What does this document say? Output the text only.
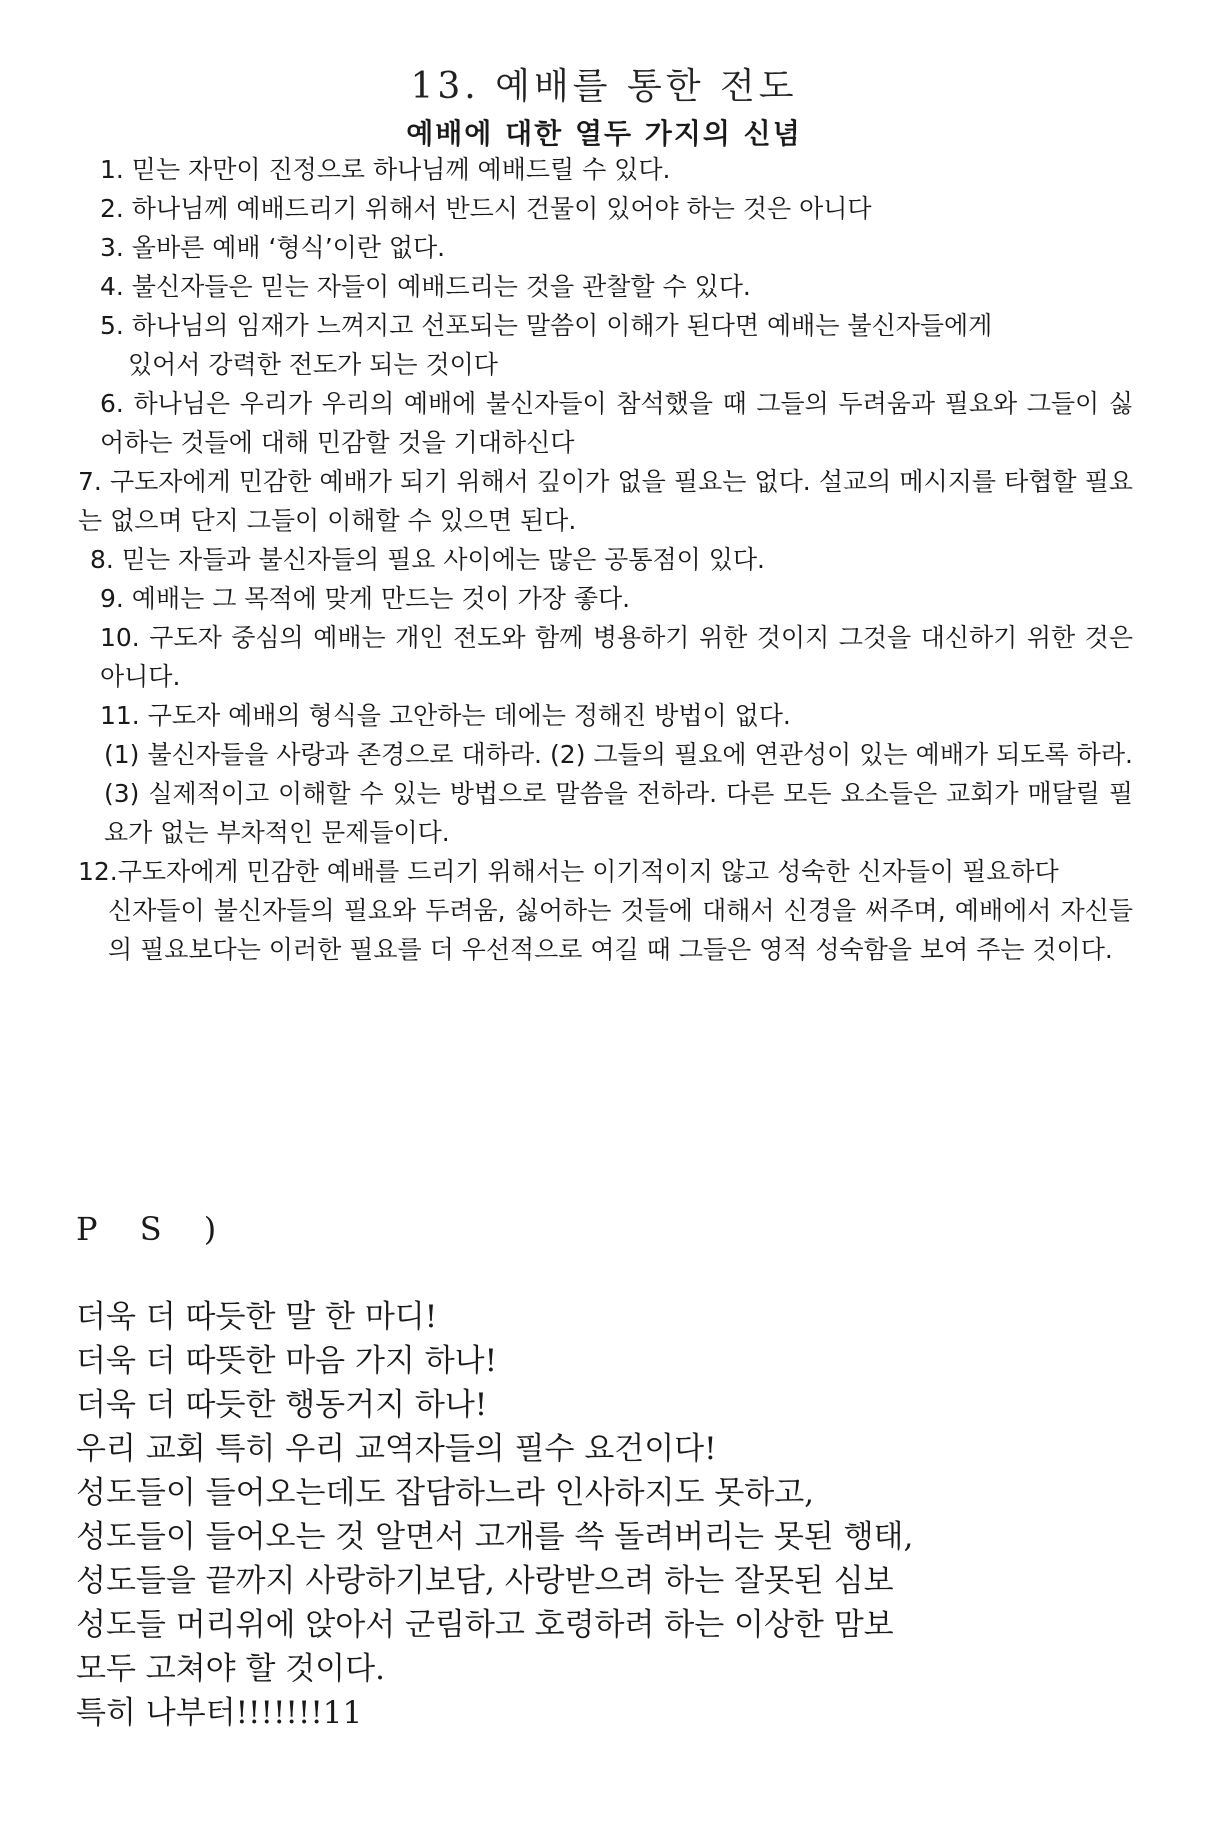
13. 예배를 통한 전도
예배에 대한 열두 가지의 신념

1. 믿는 자만이 진정으로 하나님께 예배드릴 수 있다.

2. 하나님께 예배드리기 위해서 반드시 건물이 있어야 하는 것은 아니다

3. 올바른 예배 ‘형식’이란 없다.

4. 불신자들은 믿는 자들이 예배드리는 것을 관찰할 수 있다.

5. 하나님의 임재가 느껴지고 선포되는 말씀이 이해가 된다면 예배는 불신자들에게

있어서 강력한 전도가 되는 것이다

6. 하나님은 우리가 우리의 예배에 불신자들이 참석했을 때 그들의 두려움과 필요와 그들이 싫어하는 것들에 대해 민감할 것을 기대하신다

7. 구도자에게 민감한 예배가 되기 위해서 깊이가 없을 필요는 없다. 설교의 메시지를 타협할 필요는 없으며 단지 그들이 이해할 수 있으면 된다.

8. 믿는 자들과 불신자들의 필요 사이에는 많은 공통점이 있다.

9. 예배는 그 목적에 맞게 만드는 것이 가장 좋다.

10. 구도자 중심의 예배는 개인 전도와 함께 병용하기 위한 것이지 그것을 대신하기 위한 것은 아니다.

11. 구도자 예배의 형식을 고안하는 데에는 정해진 방법이 없다.

(1) 불신자들을 사랑과 존경으로 대하라. (2) 그들의 필요에 연관성이 있는 예배가 되도록 하라. (3) 실제적이고 이해할 수 있는 방법으로 말씀을 전하라. 다른 모든 요소들은 교회가 매달릴 필요가 없는 부차적인 문제들이다.

12.구도자에게 민감한 예배를 드리기 위해서는 이기적이지 않고 성숙한 신자들이 필요하다

신자들이 불신자들의 필요와 두려움, 싫어하는 것들에 대해서 신경을 써주며, 예배에서 자신들의 필요보다는 이러한 필요를 더 우선적으로 여길 때 그들은 영적 성숙함을 보여 주는 것이다.

P S )

더욱 더 따듯한 말 한 마디!

더욱 더 따뜻한 마음 가지 하나!

더욱 더 따듯한 행동거지 하나!

우리 교회 특히 우리 교역자들의 필수 요건이다!

성도들이 들어오는데도 잡담하느라 인사하지도 못하고,

성도들이 들어오는 것 알면서 고개를 쓱 돌려버리는 못된 행태,

성도들을 끝까지 사랑하기보담, 사랑받으려 하는 잘못된 심보

성도들 머리위에 앉아서 군림하고 호령하려 하는 이상한 맘보

모두 고쳐야 할 것이다.

특히 나부터!!!!!!!11
